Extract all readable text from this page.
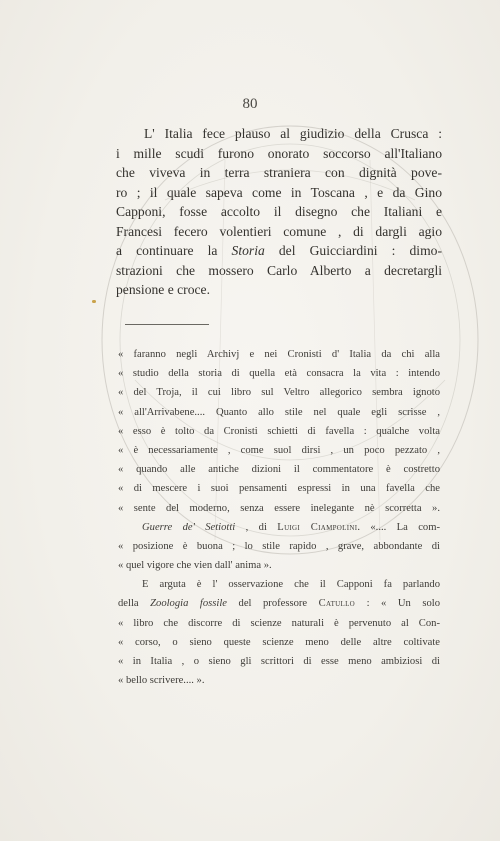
80
L' Italia fece plauso al giudizio della Crusca :
i mille scudi furono onorato soccorso all'Italiano
che viveva in terra straniera con dignità pove-
ro ; il quale sapeva come in Toscana , e da Gino
Capponi, fosse accolto il disegno che Italiani e
Francesi fecero volentieri comune , di dargli agio
a continuare la Storia del Guicciardini : dimo-
strazioni che mossero Carlo Alberto a decretargli
pensione e croce.
« faranno negli Archivj e nei Cronisti d' Italia da chi alla
« studio della storia di quella età consacra la vita : intendo
« del Troja, il cui libro sul Veltro allegorico sembra ignoto
« all'Arrivabene.... Quanto allo stile nel quale egli scrisse ,
« esso è tolto da Cronisti schietti di favella : qualche volta
« è necessariamente , come suol dirsi , un poco pezzato ,
« quando alle antiche dizioni il commentatore è costretto
« di mescere i suoi pensamenti espressi in una favella che
« sente del moderno, senza essere inelegante nè scorretta ».
Guerre de' Setiotti , di Luigi Ciampolini. «.... La com-
« posizione è buona ; lo stile rapido , grave, abbondante di
« quel vigore che vien dall' anima ».
E arguta è l' osservazione che il Capponi fa parlando
della Zoologia fossile del professore Catullo : « Un solo
« libro che discorre di scienze naturali è pervenuto al Con-
« corso, o sieno queste scienze meno delle altre coltivate
« in Italia , o sieno gli scrittori di esse meno ambiziosi di
« bello scrivere.... ».
